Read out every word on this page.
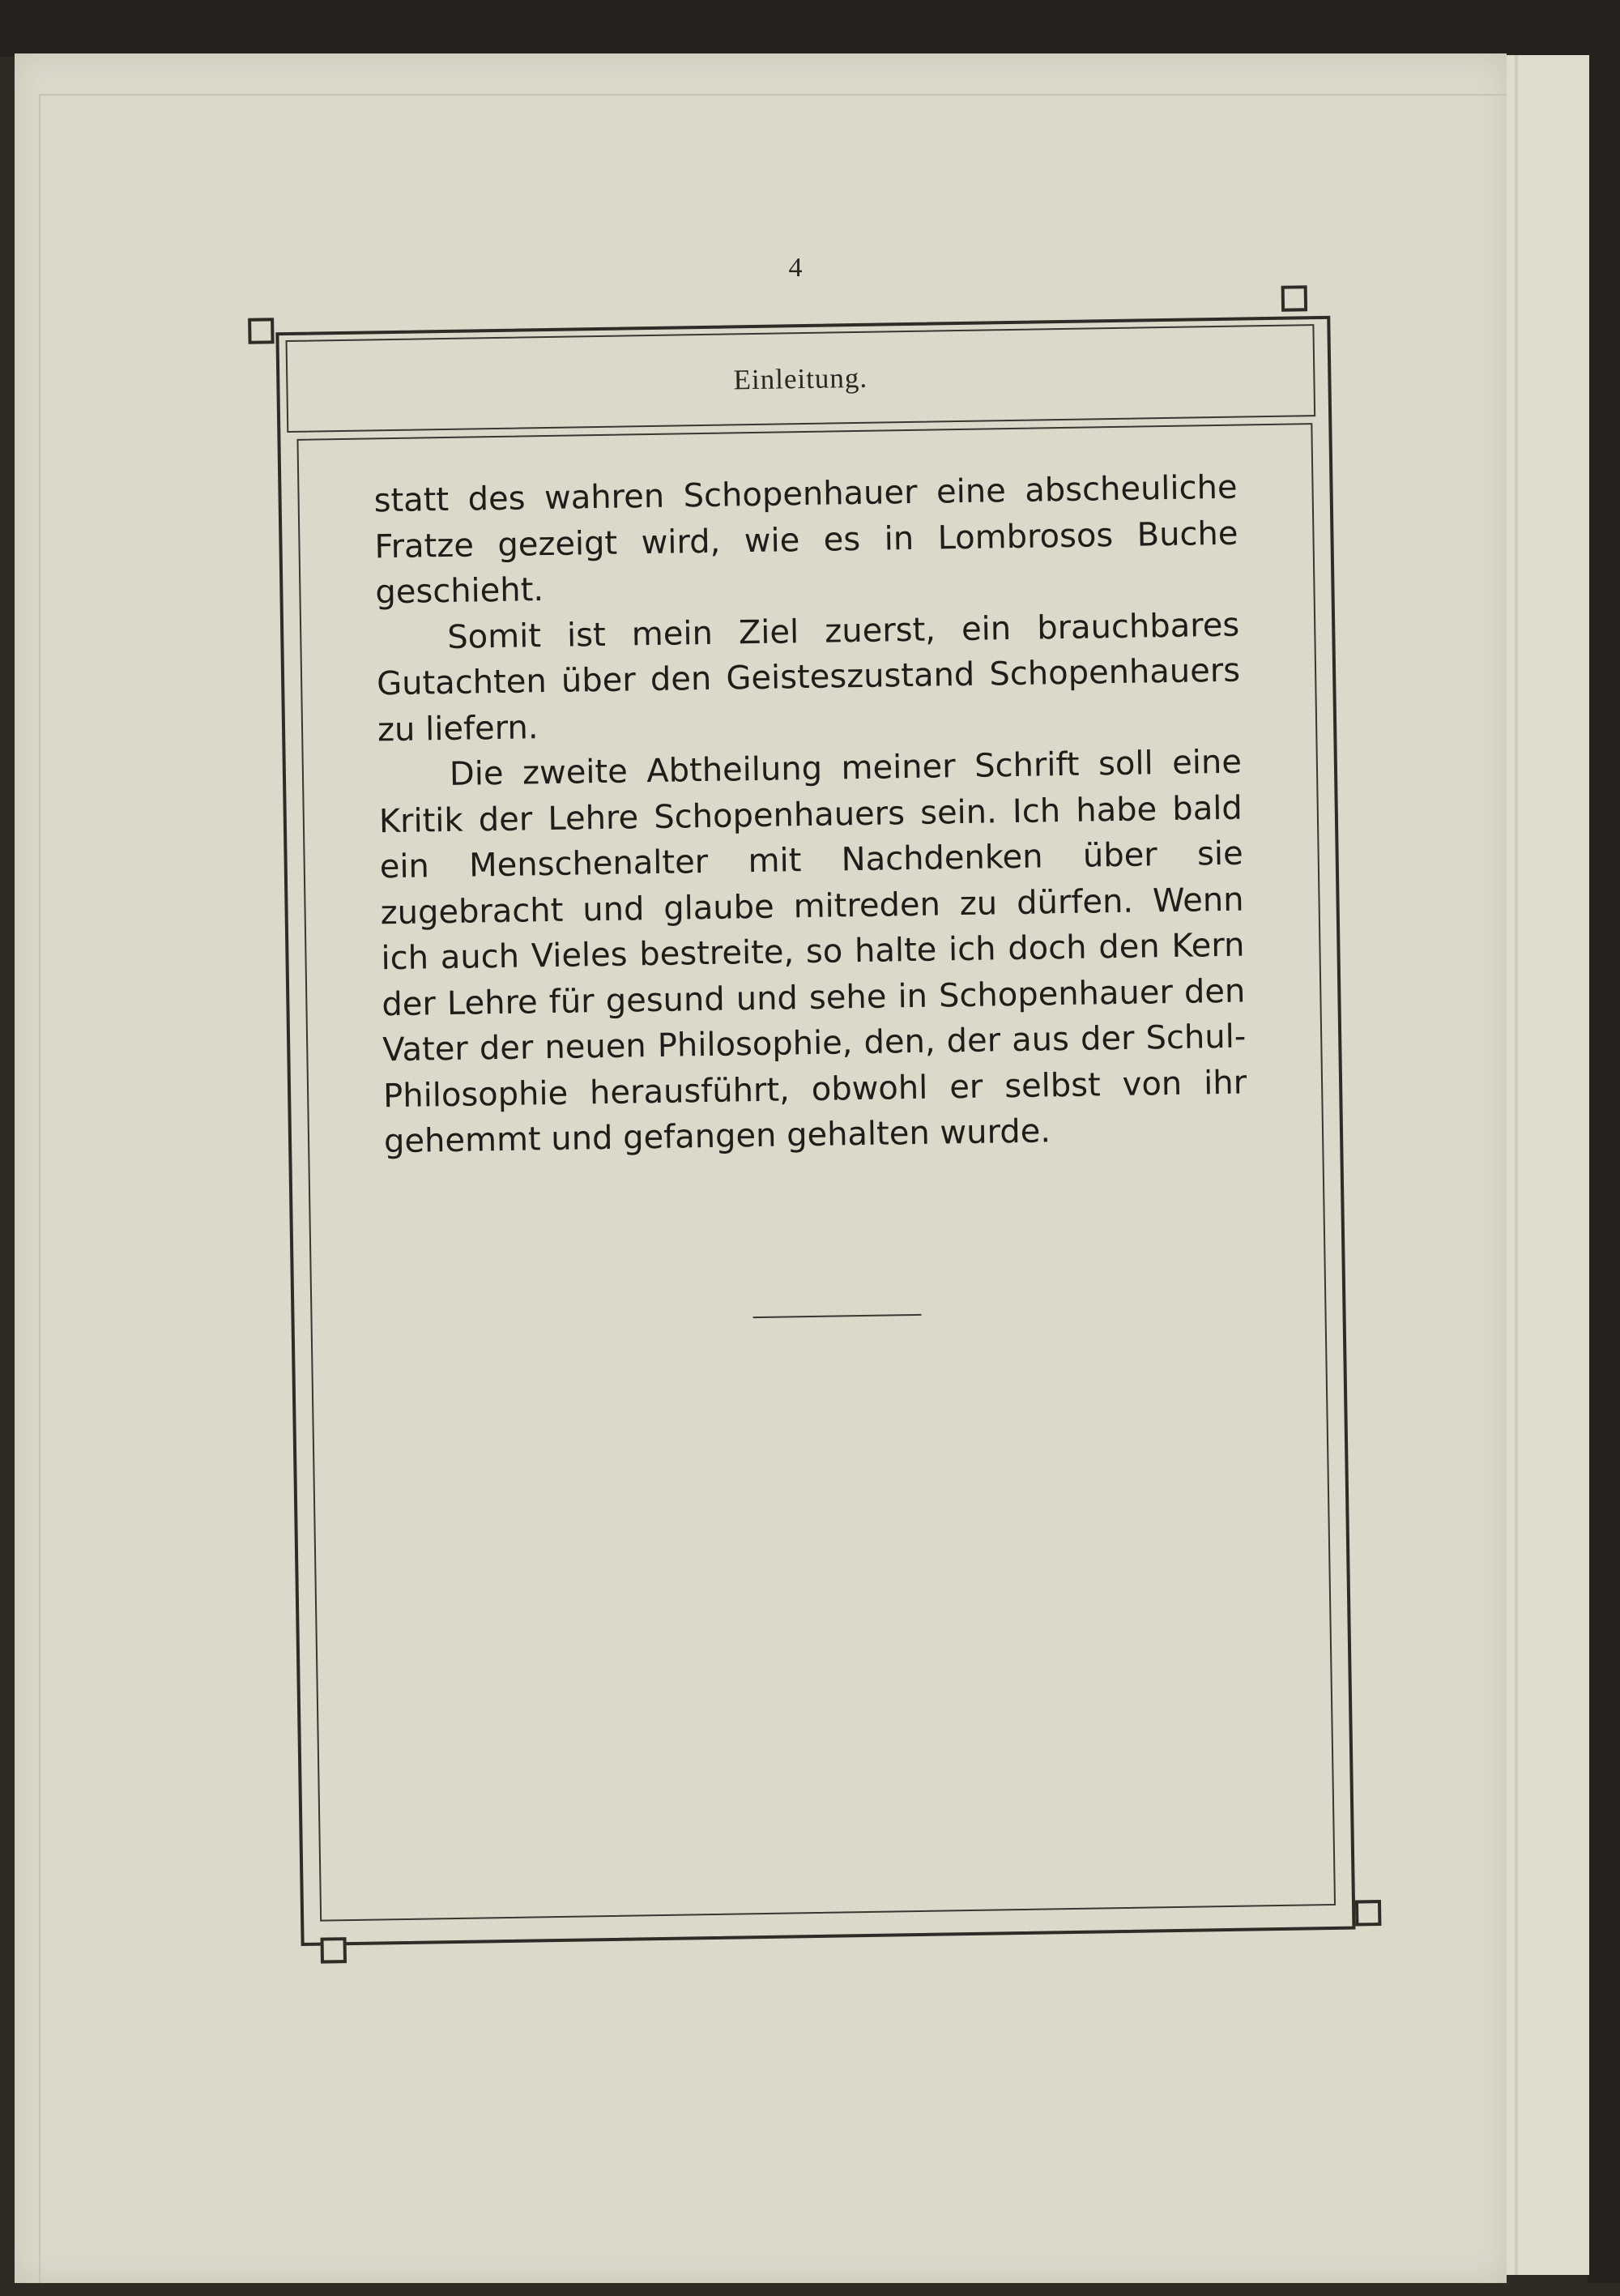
4
Einleitung.

statt des wahren Schopenhauer eine abscheuliche Fratze gezeigt wird, wie es in Lombrosos Buche geschieht.

Somit ist mein Ziel zuerst, ein brauchbares Gutachten über den Geisteszustand Schopenhauers zu liefern.

Die zweite Abtheilung meiner Schrift soll eine Kritik der Lehre Schopenhauers sein. Ich habe bald ein Menschenalter mit Nachdenken über sie zugebracht und glaube mitreden zu dürfen. Wenn ich auch Vieles bestreite, so halte ich doch den Kern der Lehre für gesund und sehe in Schopenhauer den Vater der neuen Philosophie, den, der aus der Schul-Philosophie herausführt, obwohl er selbst von ihr gehemmt und gefangen gehalten wurde.
